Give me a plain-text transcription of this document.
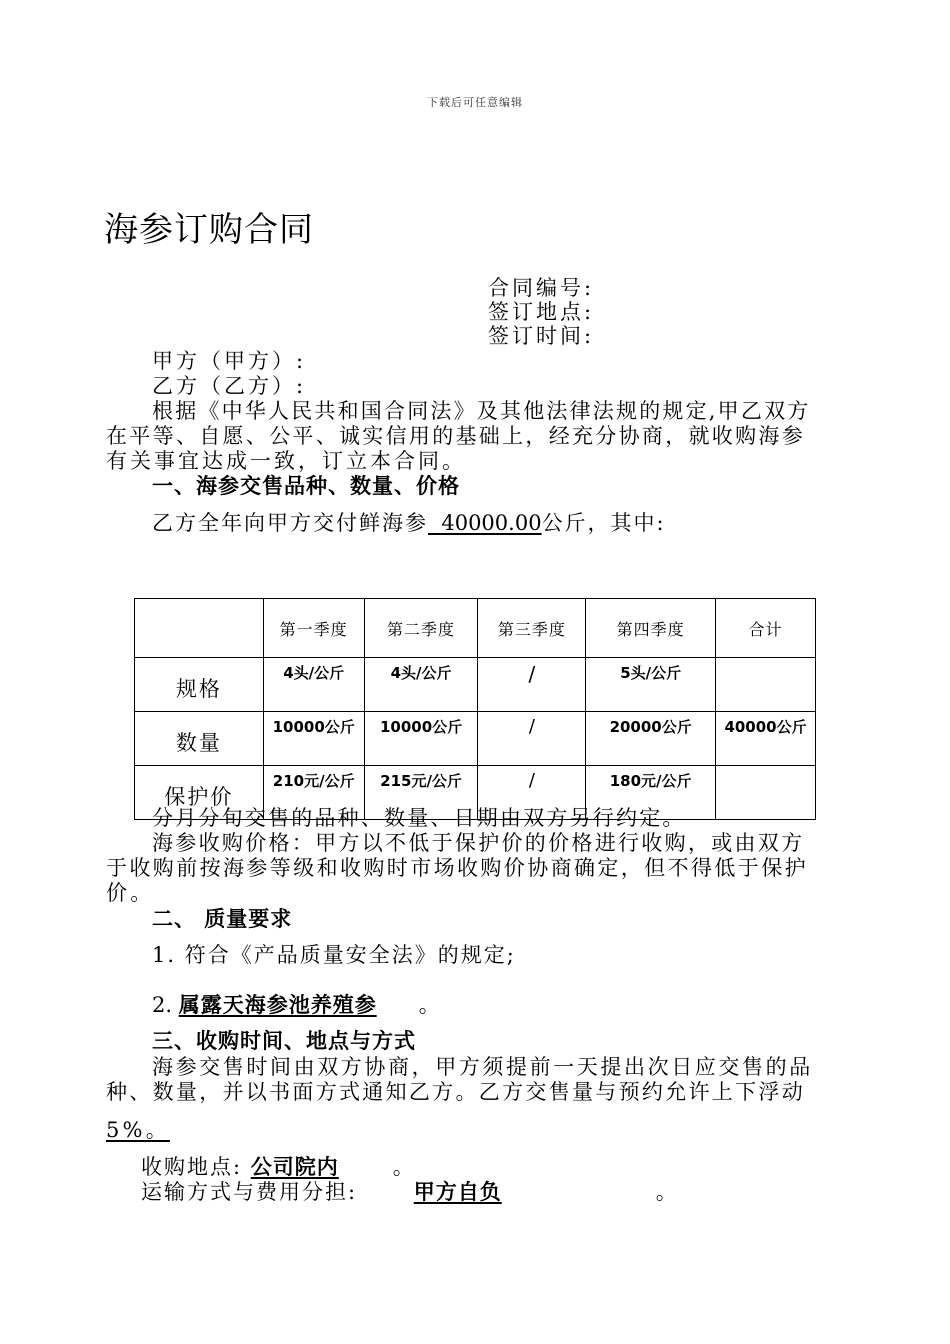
下载后可任意编辑
海参订购合同
合同编号:
签订地点:
签订时间:
甲方（甲方）:
乙方（乙方）:
根据《中华人民共和国合同法》及其他法律法规的规定,甲乙双方
在平等、自愿、公平、诚实信用的基础上，经充分协商，就收购海参
有关事宜达成一致，订立本合同。
一、海参交售品种、数量、价格
乙方全年向甲方交付鲜海参  40000.00公斤，其中:
	第一季度	第二季度	第三季度	第四季度	合计
规格	4头/公斤	4头/公斤	/	5头/公斤	
数量	10000公斤	10000公斤	/	20000公斤	40000公斤
保护价	210元/公斤	215元/公斤	/	180元/公斤	
分月分旬交售的品种、数量、日期由双方另行约定。
海参收购价格：甲方以不低于保护价的价格进行收购，或由双方
于收购前按海参等级和收购时市场收购价协商确定，但不得低于保护
价。
二、 质量要求
1. 符合《产品质量安全法》的规定;
2. 属露天海参池养殖参 。
三、收购时间、地点与方式
海参交售时间由双方协商，甲方须提前一天提出次日应交售的品
种、数量，并以书面方式通知乙方。乙方交售量与预约允许上下浮动
5%。
收购地点: 公司院内	。
运输方式与费用分担: 甲方自负	。
